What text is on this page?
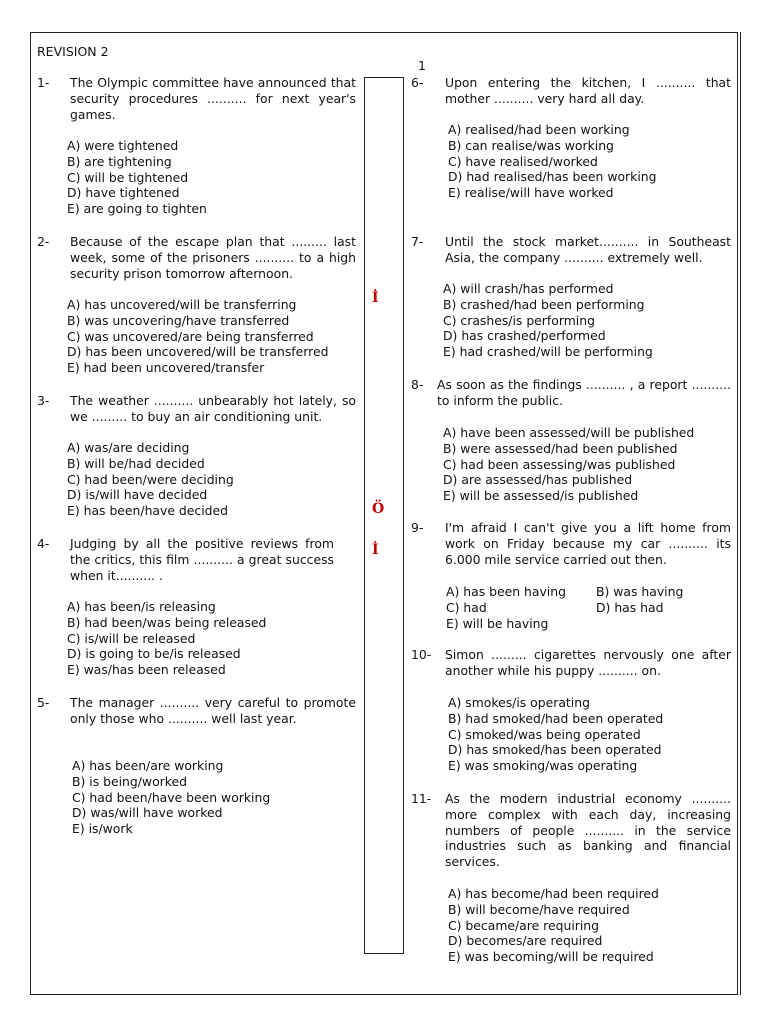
REVISION 2
1
İ
Ö
İ
1- The Olympic committee have announced that security procedures .......... for next year's games.
A) were tightened
B) are tightening
C) will be tightened
D) have tightened
E) are going to tighten
2- Because of the escape plan that ......... last week, some of the prisoners .......... to a high security prison tomorrow afternoon.
A) has uncovered/will be transferring
B) was uncovering/have transferred
C) was uncovered/are being transferred
D) has been uncovered/will be transferred
E) had been uncovered/transfer
3- The weather .......... unbearably hot lately, so we ......... to buy an air conditioning unit.
A) was/are deciding
B) will be/had decided
C) had been/were deciding
D) is/will have decided
E) has been/have decided
4- Judging by all the positive reviews from the critics, this film .......... a great success when it.......... .
A) has been/is releasing
B) had been/was being released
C) is/will be released
D) is going to be/is released
E) was/has been released
5- The manager .......... very careful to promote only those who .......... well last year.
A) has been/are working
B) is being/worked
C) had been/have been working
D) was/will have worked
E) is/work
6- Upon entering the kitchen, I .......... that mother .......... very hard all day.
A) realised/had been working
B) can realise/was working
C) have realised/worked
D) had realised/has been working
E) realise/will have worked
7- Until the stock market.......... in Southeast Asia, the company .......... extremely well.
A) will crash/has performed
B) crashed/had been performing
C) crashes/is performing
D) has crashed/performed
E) had crashed/will be performing
8- As soon as the findings .......... , a report .......... to inform the public.
A) have been assessed/will be published
B) were assessed/had been published
C) had been assessing/was published
D) are assessed/has published
E) will be assessed/is published
9- I'm afraid I can't give you a lift home from work on Friday because my car .......... its 6.000 mile service carried out then.
A) has been having	B) was having
C) had	D) has had
E) will be having
10- Simon ......... cigarettes nervously one after another while his puppy .......... on.
A) smokes/is operating
B) had smoked/had been operated
C) smoked/was being operated
D) has smoked/has been operated
E) was smoking/was operating
11- As the modern industrial economy .......... more complex with each day, increasing numbers of people .......... in the service industries such as banking and financial services.
A) has become/had been required
B) will become/have required
C) became/are requiring
D) becomes/are required
E) was becoming/will be required
